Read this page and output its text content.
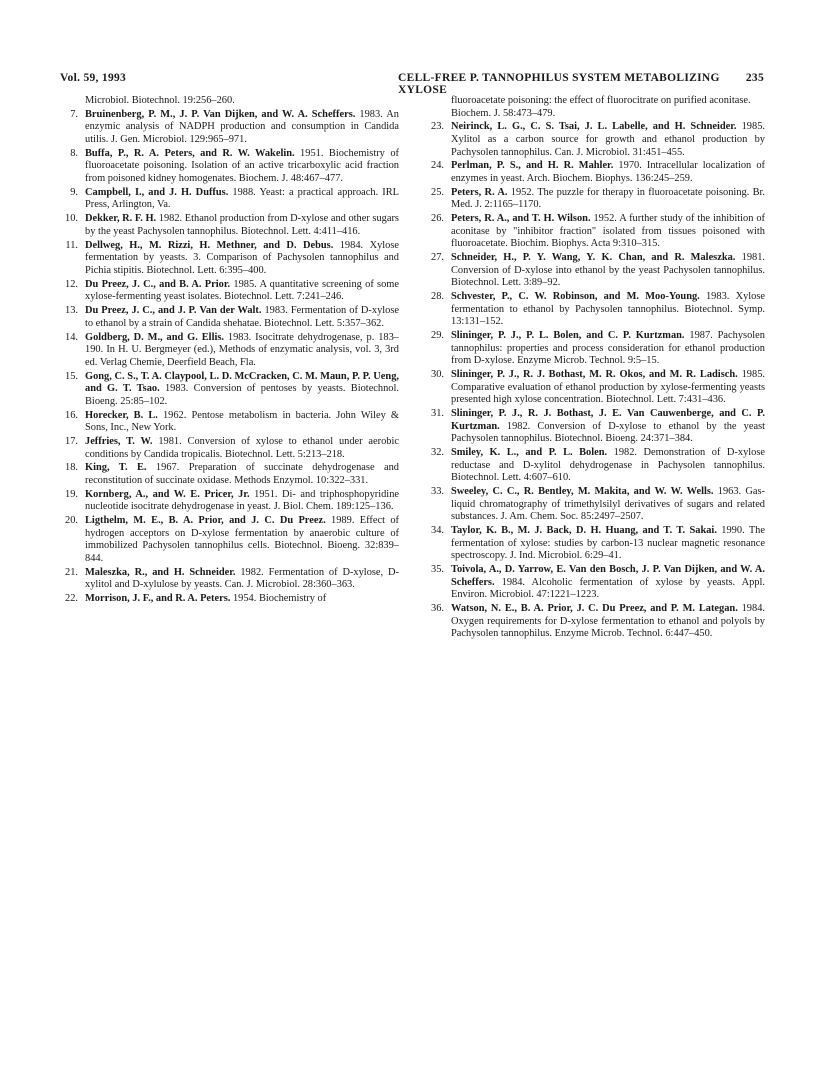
Vol. 59, 1993	CELL-FREE P. TANNOPHILUS SYSTEM METABOLIZING XYLOSE
235
Microbiol. Biotechnol. 19:256–260.
7. Bruinenberg, P. M., J. P. Van Dijken, and W. A. Scheffers. 1983. An enzymic analysis of NADPH production and consumption in Candida utilis. J. Gen. Microbiol. 129:965–971.
8. Buffa, P., R. A. Peters, and R. W. Wakelin. 1951. Biochemistry of fluoroacetate poisoning. Isolation of an active tricarboxylic acid fraction from poisoned kidney homogenates. Biochem. J. 48:467–477.
9. Campbell, I., and J. H. Duffus. 1988. Yeast: a practical approach. IRL Press, Arlington, Va.
10. Dekker, R. F. H. 1982. Ethanol production from D-xylose and other sugars by the yeast Pachysolen tannophilus. Biotechnol. Lett. 4:411–416.
11. Dellweg, H., M. Rizzi, H. Methner, and D. Debus. 1984. Xylose fermentation by yeasts. 3. Comparison of Pachysolen tannophilus and Pichia stipitis. Biotechnol. Lett. 6:395–400.
12. Du Preez, J. C., and B. A. Prior. 1985. A quantitative screening of some xylose-fermenting yeast isolates. Biotechnol. Lett. 7:241–246.
13. Du Preez, J. C., and J. P. Van der Walt. 1983. Fermentation of D-xylose to ethanol by a strain of Candida shehatae. Biotechnol. Lett. 5:357–362.
14. Goldberg, D. M., and G. Ellis. 1983. Isocitrate dehydrogenase, p. 183–190. In H. U. Bergmeyer (ed.), Methods of enzymatic analysis, vol. 3, 3rd ed. Verlag Chemie, Deerfield Beach, Fla.
15. Gong, C. S., T. A. Claypool, L. D. McCracken, C. M. Maun, P. P. Ueng, and G. T. Tsao. 1983. Conversion of pentoses by yeasts. Biotechnol. Bioeng. 25:85–102.
16. Horecker, B. L. 1962. Pentose metabolism in bacteria. John Wiley & Sons, Inc., New York.
17. Jeffries, T. W. 1981. Conversion of xylose to ethanol under aerobic conditions by Candida tropicalis. Biotechnol. Lett. 5:213–218.
18. King, T. E. 1967. Preparation of succinate dehydrogenase and reconstitution of succinate oxidase. Methods Enzymol. 10:322–331.
19. Kornberg, A., and W. E. Pricer, Jr. 1951. Di- and triphosphopyridine nucleotide isocitrate dehydrogenase in yeast. J. Biol. Chem. 189:125–136.
20. Ligthelm, M. E., B. A. Prior, and J. C. Du Preez. 1989. Effect of hydrogen acceptors on D-xylose fermentation by anaerobic culture of immobilized Pachysolen tannophilus cells. Biotechnol. Bioeng. 32:839–844.
21. Maleszka, R., and H. Schneider. 1982. Fermentation of D-xylose, D-xylitol and D-xylulose by yeasts. Can. J. Microbiol. 28:360–363.
22. Morrison, J. F., and R. A. Peters. 1954. Biochemistry of
fluoroacetate poisoning: the effect of fluorocitrate on purified aconitase. Biochem. J. 58:473–479.
23. Neirinck, L. G., C. S. Tsai, J. L. Labelle, and H. Schneider. 1985. Xylitol as a carbon source for growth and ethanol production by Pachysolen tannophilus. Can. J. Microbiol. 31:451–455.
24. Perlman, P. S., and H. R. Mahler. 1970. Intracellular localization of enzymes in yeast. Arch. Biochem. Biophys. 136:245–259.
25. Peters, R. A. 1952. The puzzle for therapy in fluoroacetate poisoning. Br. Med. J. 2:1165–1170.
26. Peters, R. A., and T. H. Wilson. 1952. A further study of the inhibition of aconitase by "inhibitor fraction" isolated from tissues poisoned with fluoroacetate. Biochim. Biophys. Acta 9:310–315.
27. Schneider, H., P. Y. Wang, Y. K. Chan, and R. Maleszka. 1981. Conversion of D-xylose into ethanol by the yeast Pachysolen tannophilus. Biotechnol. Lett. 3:89–92.
28. Schvester, P., C. W. Robinson, and M. Moo-Young. 1983. Xylose fermentation to ethanol by Pachysolen tannophilus. Biotechnol. Symp. 13:131–152.
29. Slininger, P. J., P. L. Bolen, and C. P. Kurtzman. 1987. Pachysolen tannophilus: properties and process consideration for ethanol production from D-xylose. Enzyme Microb. Technol. 9:5–15.
30. Slininger, P. J., R. J. Bothast, M. R. Okos, and M. R. Ladisch. 1985. Comparative evaluation of ethanol production by xylose-fermenting yeasts presented high xylose concentration. Biotechnol. Lett. 7:431–436.
31. Slininger, P. J., R. J. Bothast, J. E. Van Cauwenberge, and C. P. Kurtzman. 1982. Conversion of D-xylose to ethanol by the yeast Pachysolen tannophilus. Biotechnol. Bioeng. 24:371–384.
32. Smiley, K. L., and P. L. Bolen. 1982. Demonstration of D-xylose reductase and D-xylitol dehydrogenase in Pachysolen tannophilus. Biotechnol. Lett. 4:607–610.
33. Sweeley, C. C., R. Bentley, M. Makita, and W. W. Wells. 1963. Gas-liquid chromatography of trimethylsilyl derivatives of sugars and related substances. J. Am. Chem. Soc. 85:2497–2507.
34. Taylor, K. B., M. J. Back, D. H. Huang, and T. T. Sakai. 1990. The fermentation of xylose: studies by carbon-13 nuclear magnetic resonance spectroscopy. J. Ind. Microbiol. 6:29–41.
35. Toivola, A., D. Yarrow, E. Van den Bosch, J. P. Van Dijken, and W. A. Scheffers. 1984. Alcoholic fermentation of xylose by yeasts. Appl. Environ. Microbiol. 47:1221–1223.
36. Watson, N. E., B. A. Prior, J. C. Du Preez, and P. M. Lategan. 1984. Oxygen requirements for D-xylose fermentation to ethanol and polyols by Pachysolen tannophilus. Enzyme Microb. Technol. 6:447–450.
